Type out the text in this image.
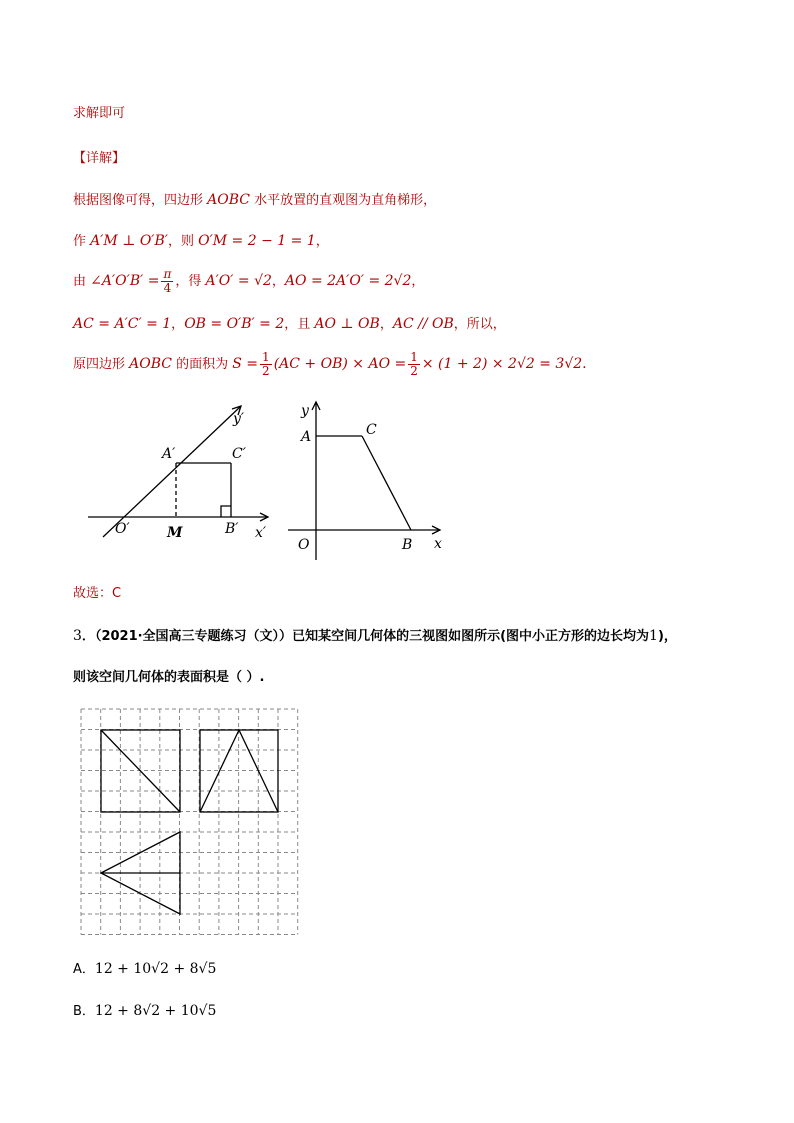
求解即可
【详解】
根据图像可得，四边形 AOBC 水平放置的直观图为直角梯形，
作 A′M ⊥ O′B′，则 O′M = 2 − 1 = 1，
由 ∠A′O′B′ = $\frac{\pi}{4}$ ，得 A′O′ = √2，AO = 2A′O′ = 2√2，
AC = A′C′ = 1，OB = O′B′ = 2，且 AO ⊥ OB，AC // OB，所以，
原四边形 AOBC 的面积为 $S = \frac{1}{2} (AC + OB)$ × AO = $\frac{1}{2} \times (1 + 2) \times 2√2 = 3√2$.
y′
x′
O′
A′	C′
B′
M
y
x
O
A	C
B
故选：C
3．（2021·全国高三专题练习（文））已知某空间几何体的三视图如图所示(图中小正方形的边长均为1)，
则该空间几何体的表面积是（ ）.
A．12 + 10√2 + 8√5
B．12 + 8√2 + 10√5
